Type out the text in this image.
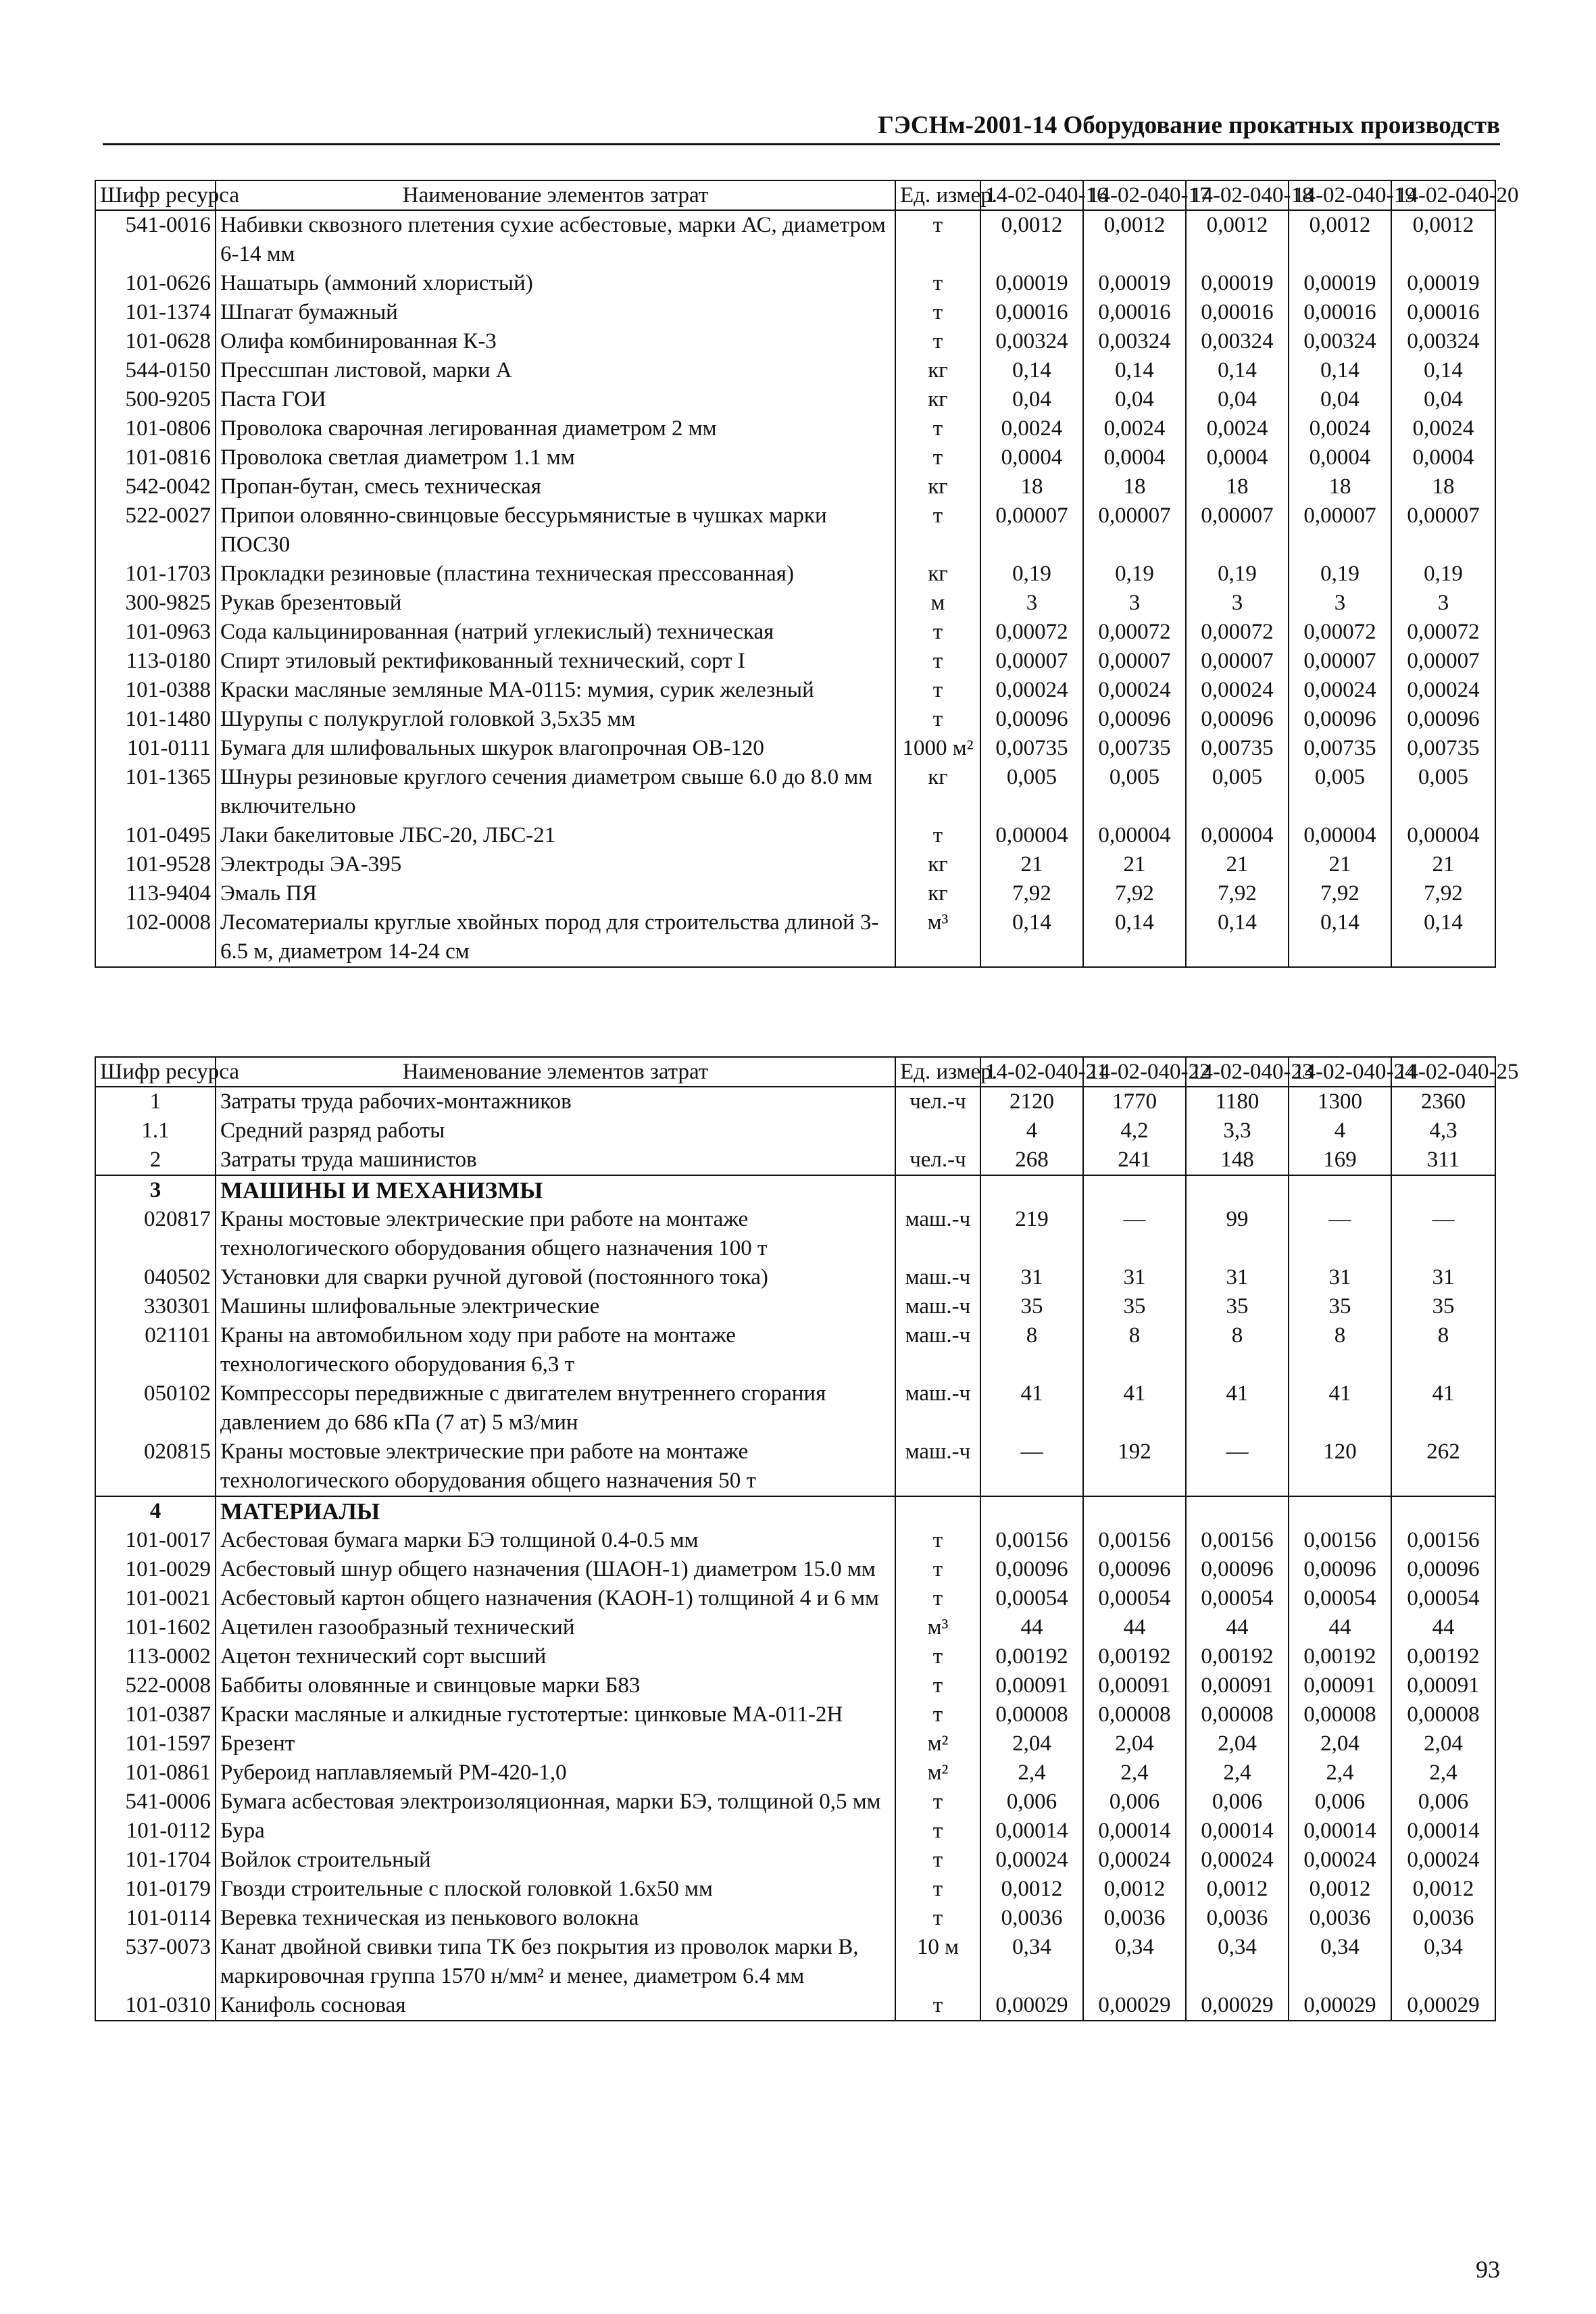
ГЭСНм-2001-14 Оборудование прокатных производств
Шифр ресурса	Наименование элементов затрат	Ед. измер.	14-02-040-16	14-02-040-17	14-02-040-18	14-02-040-19	14-02-040-20
541-0016	Набивки сквозного плетения сухие асбестовые, марки АС, диаметром 6-14 мм	т	0,0012	0,0012	0,0012	0,0012	0,0012
101-0626	Нашатырь (аммоний хлористый)	т	0,00019	0,00019	0,00019	0,00019	0,00019
101-1374	Шпагат бумажный	т	0,00016	0,00016	0,00016	0,00016	0,00016
101-0628	Олифа комбинированная К-3	т	0,00324	0,00324	0,00324	0,00324	0,00324
544-0150	Прессшпан листовой, марки А	кг	0,14	0,14	0,14	0,14	0,14
500-9205	Паста ГОИ	кг	0,04	0,04	0,04	0,04	0,04
101-0806	Проволока сварочная легированная диаметром 2 мм	т	0,0024	0,0024	0,0024	0,0024	0,0024
101-0816	Проволока светлая диаметром 1.1 мм	т	0,0004	0,0004	0,0004	0,0004	0,0004
542-0042	Пропан-бутан, смесь техническая	кг	18	18	18	18	18
522-0027	Припои оловянно-свинцовые бессурьмянистые в чушках марки ПОС30	т	0,00007	0,00007	0,00007	0,00007	0,00007
101-1703	Прокладки резиновые (пластина техническая прессованная)	кг	0,19	0,19	0,19	0,19	0,19
300-9825	Рукав брезентовый	м	3	3	3	3	3
101-0963	Сода кальцинированная (натрий углекислый) техническая	т	0,00072	0,00072	0,00072	0,00072	0,00072
113-0180	Спирт этиловый ректификованный технический, сорт I	т	0,00007	0,00007	0,00007	0,00007	0,00007
101-0388	Краски масляные земляные МА-0115: мумия, сурик железный	т	0,00024	0,00024	0,00024	0,00024	0,00024
101-1480	Шурупы с полукруглой головкой 3,5х35 мм	т	0,00096	0,00096	0,00096	0,00096	0,00096
101-0111	Бумага для шлифовальных шкурок влагопрочная ОВ-120	1000 м²	0,00735	0,00735	0,00735	0,00735	0,00735
101-1365	Шнуры резиновые круглого сечения диаметром свыше 6.0 до 8.0 мм включительно	кг	0,005	0,005	0,005	0,005	0,005
101-0495	Лаки бакелитовые ЛБС-20, ЛБС-21	т	0,00004	0,00004	0,00004	0,00004	0,00004
101-9528	Электроды ЭА-395	кг	21	21	21	21	21
113-9404	Эмаль ПЯ	кг	7,92	7,92	7,92	7,92	7,92
102-0008	Лесоматериалы круглые хвойных пород для строительства длиной 3-6.5 м, диаметром 14-24 см	м³	0,14	0,14	0,14	0,14	0,14
Шифр ресурса	Наименование элементов затрат	Ед. измер.	14-02-040-21	14-02-040-22	14-02-040-23	14-02-040-24	14-02-040-25
1	Затраты труда рабочих-монтажников	чел.-ч	2120	1770	1180	1300	2360
1.1	Средний разряд работы		4	4,2	3,3	4	4,3
2	Затраты труда машинистов	чел.-ч	268	241	148	169	311
3	МАШИНЫ И МЕХАНИЗМЫ						
020817	Краны мостовые электрические при работе на монтаже технологического оборудования общего назначения 100 т	маш.-ч	219	—	99	—	—
040502	Установки для сварки ручной дуговой (постоянного тока)	маш.-ч	31	31	31	31	31
330301	Машины шлифовальные электрические	маш.-ч	35	35	35	35	35
021101	Краны на автомобильном ходу при работе на монтаже технологического оборудования 6,3 т	маш.-ч	8	8	8	8	8
050102	Компрессоры передвижные с двигателем внутреннего сгорания давлением до 686 кПа (7 ат) 5 м3/мин	маш.-ч	41	41	41	41	41
020815	Краны мостовые электрические при работе на монтаже технологического оборудования общего назначения 50 т	маш.-ч	—	192	—	120	262
4	МАТЕРИАЛЫ						
101-0017	Асбестовая бумага марки БЭ толщиной 0.4-0.5 мм	т	0,00156	0,00156	0,00156	0,00156	0,00156
101-0029	Асбестовый шнур общего назначения (ШАОН-1) диаметром 15.0 мм	т	0,00096	0,00096	0,00096	0,00096	0,00096
101-0021	Асбестовый картон общего назначения (КАОН-1) толщиной 4 и 6 мм	т	0,00054	0,00054	0,00054	0,00054	0,00054
101-1602	Ацетилен газообразный технический	м³	44	44	44	44	44
113-0002	Ацетон технический сорт высший	т	0,00192	0,00192	0,00192	0,00192	0,00192
522-0008	Баббиты оловянные и свинцовые марки Б83	т	0,00091	0,00091	0,00091	0,00091	0,00091
101-0387	Краски масляные и алкидные густотертые: цинковые МА-011-2Н	т	0,00008	0,00008	0,00008	0,00008	0,00008
101-1597	Брезент	м²	2,04	2,04	2,04	2,04	2,04
101-0861	Рубероид наплавляемый РМ-420-1,0	м²	2,4	2,4	2,4	2,4	2,4
541-0006	Бумага асбестовая электроизоляционная, марки БЭ, толщиной 0,5 мм	т	0,006	0,006	0,006	0,006	0,006
101-0112	Бура	т	0,00014	0,00014	0,00014	0,00014	0,00014
101-1704	Войлок строительный	т	0,00024	0,00024	0,00024	0,00024	0,00024
101-0179	Гвозди строительные с плоской головкой 1.6х50 мм	т	0,0012	0,0012	0,0012	0,0012	0,0012
101-0114	Веревка техническая из пенькового волокна	т	0,0036	0,0036	0,0036	0,0036	0,0036
537-0073	Канат двойной свивки типа ТК без покрытия из проволок марки В, маркировочная группа 1570 н/мм² и менее, диаметром 6.4 мм	10 м	0,34	0,34	0,34	0,34	0,34
101-0310	Канифоль сосновая	т	0,00029	0,00029	0,00029	0,00029	0,00029
93
